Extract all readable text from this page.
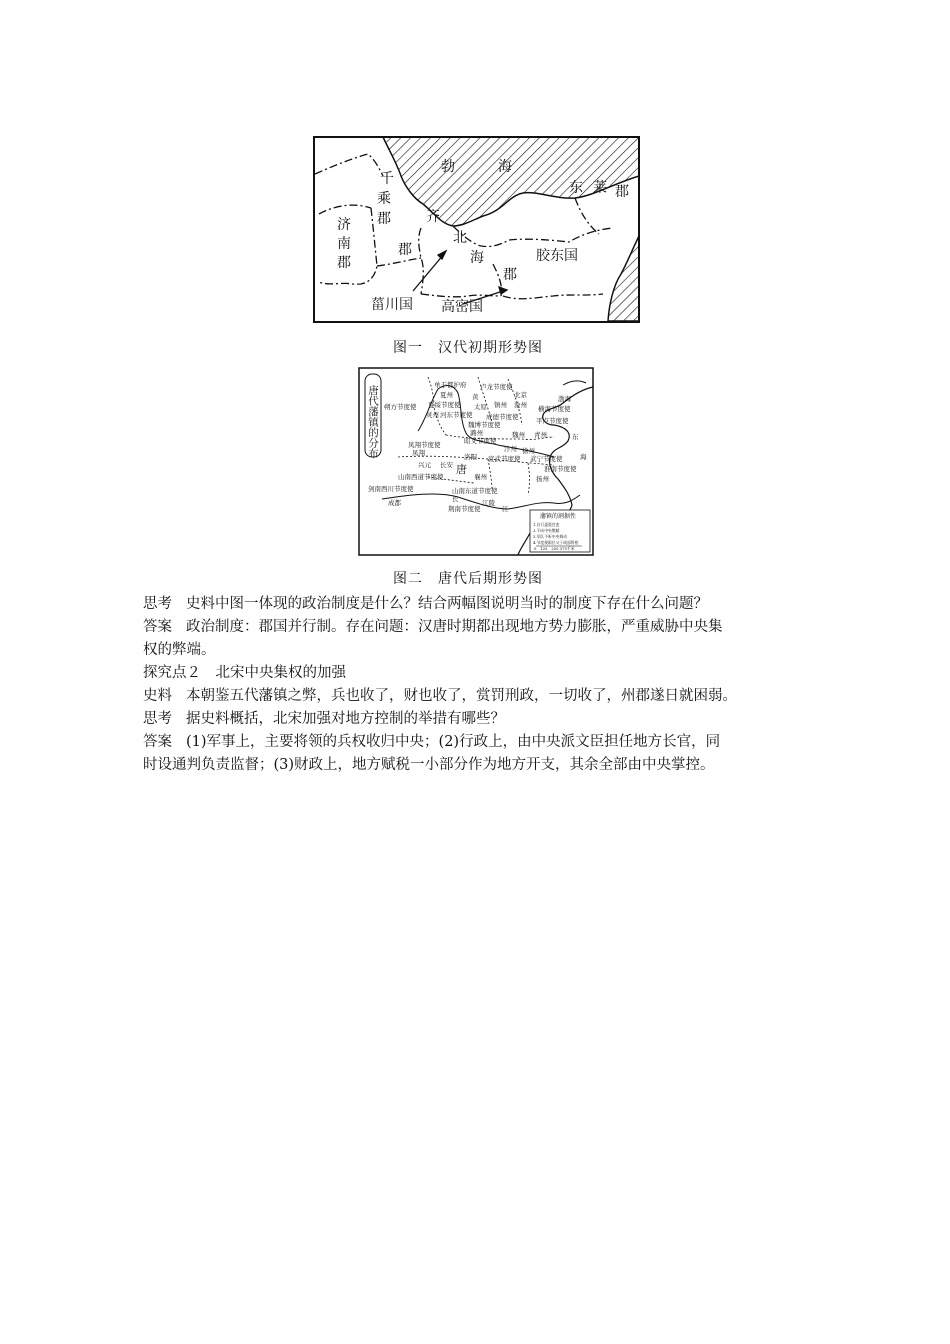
勃	海
千
乘
郡
济
南
郡
齐
郡
北
海
郡
东 莱 郡
胶东国
菑川国 高密国
图一　汉代初期形势图
唐代藩镇的分布	单于都护府 卢龙节度使
夏州	黄	北京	渤海
朔方节度使 夏绥节度使 太原 镇州 沧州 横海节度使
灵州 河东节度使 成德节度使	平卢节度使
魏博节度使
潞州	魏州 青州
昭义节度使
凤翔节度使
凤翔	汴州 徐州
洛阳 宣武节度使 武宁节度使
东
兴元 长安 唐	淮南节度使
海
山南西道节度使	襄州	扬州
剑南西川节度使	山南东道节度使
成都	长	江陵
荆南节度使	江
藩镇的割据性
1.自行委派官吏
2.不向中央缴赋
3.军队不听中央调动
4.节度使职位父子或部将相
0　125　250 375千米
图二　唐代后期形势图
思考 史料中图一体现的政治制度是什么？结合两幅图说明当时的制度下存在什么问题？
答案 政治制度：郡国并行制。存在问题：汉唐时期都出现地方势力膨胀，严重威胁中央集
权的弊端。
探究点２　北宋中央集权的加强
史料 本朝鉴五代藩镇之弊，兵也收了，财也收了，赏罚刑政，一切收了，州郡遂日就困弱。
思考 据史料概括，北宋加强对地方控制的举措有哪些？
答案 (1)军事上，主要将领的兵权收归中央；(2)行政上，由中央派文臣担任地方长官，同
时设通判负责监督；(3)财政上，地方赋税一小部分作为地方开支，其余全部由中央掌控。
